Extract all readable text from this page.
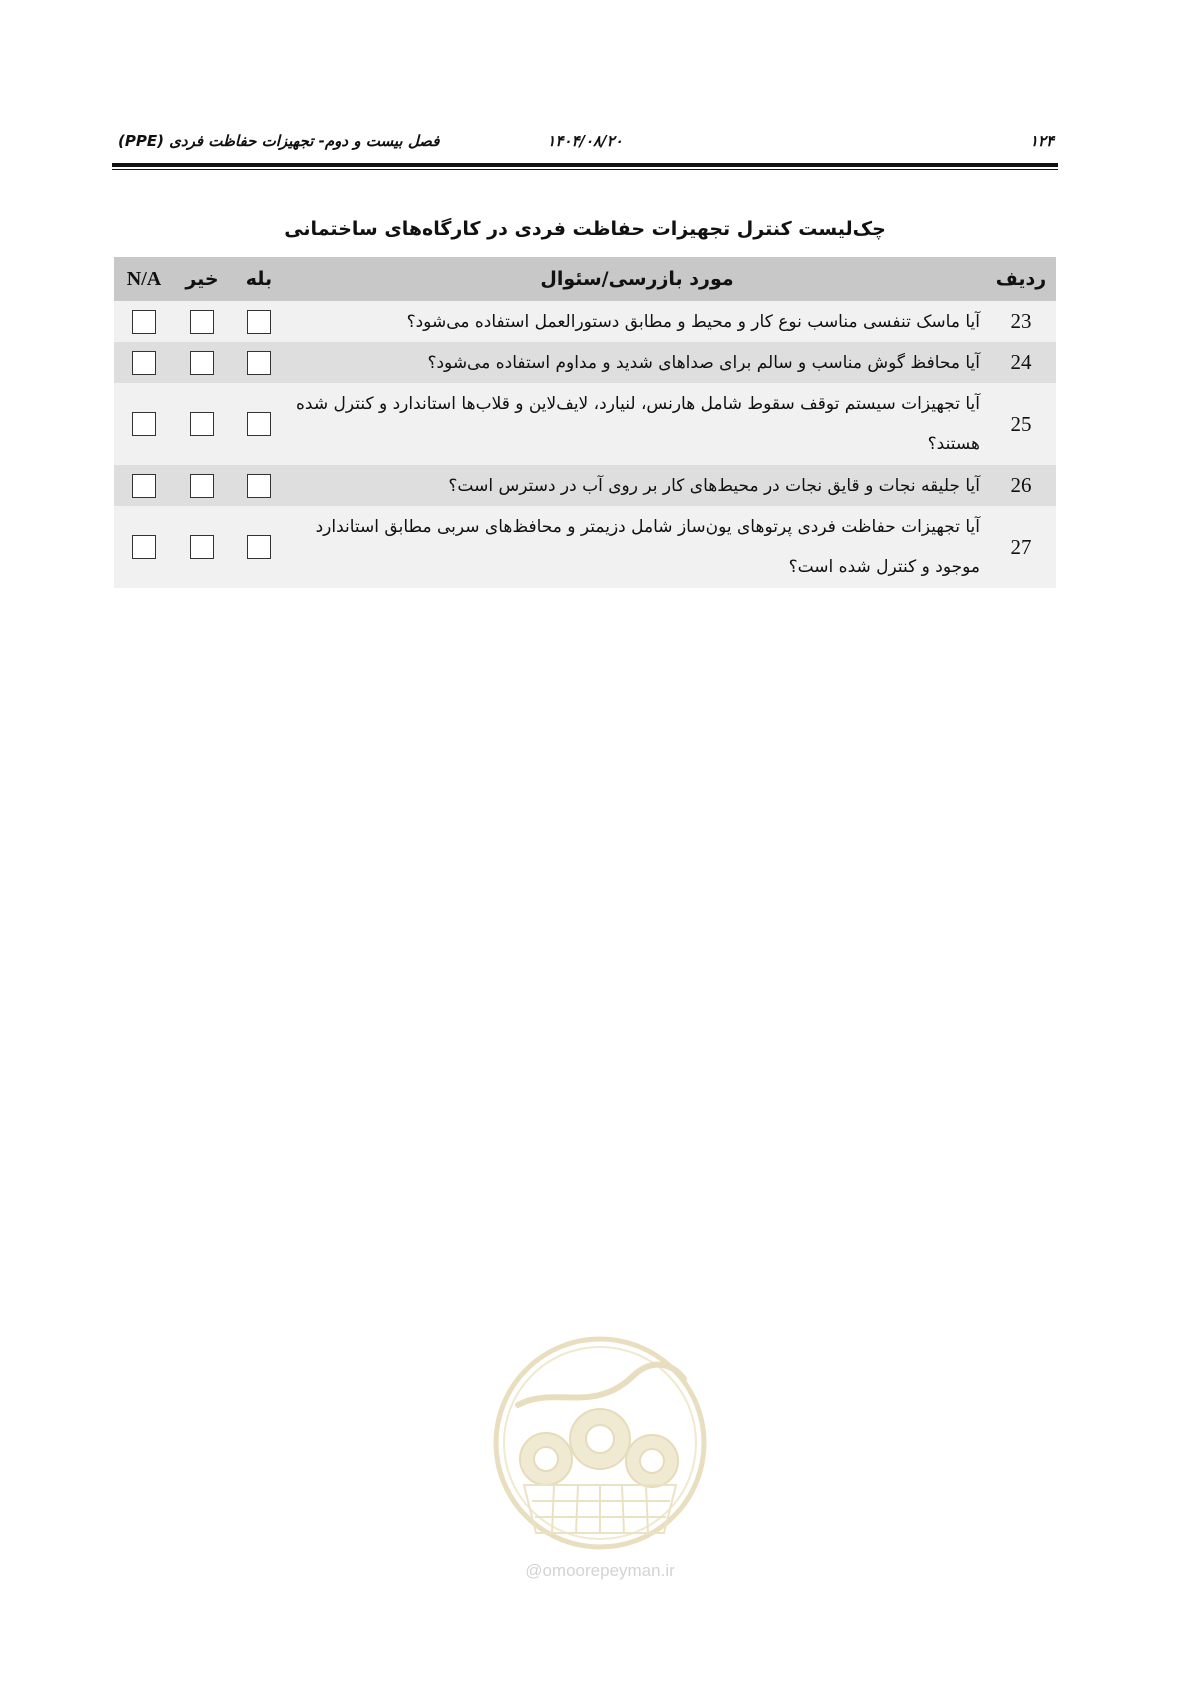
۱۲۴
۱۴۰۴/۰۸/۲۰
فصل بیست و دوم- تجهیزات حفاظت فردی (PPE)
چک‌لیست کنترل تجهیزات حفاظت فردی در کارگاه‌های ساختمانی
ردیف	مورد بازرسی/سئوال	بله	خیر	N/A
23	آیا ماسک تنفسی مناسب نوع کار و محیط و مطابق دستورالعمل استفاده می‌شود؟			
24	آیا محافظ گوش مناسب و سالم برای صداهای شدید و مداوم استفاده می‌شود؟			
25	آیا تجهیزات سیستم توقف سقوط شامل هارنس، لنیارد، لایف‌لاین و قلاب‌ها استاندارد و کنترل شده هستند؟			
26	آیا جلیقه نجات و قایق نجات در محیط‌های کار بر روی آب در دسترس است؟			
27	آیا تجهیزات حفاظت فردی پرتوهای یون‌ساز شامل دزیمتر و محافظ‌های سربی مطابق استاندارد موجود و کنترل شده است؟			
@omoorepeyman.ir
